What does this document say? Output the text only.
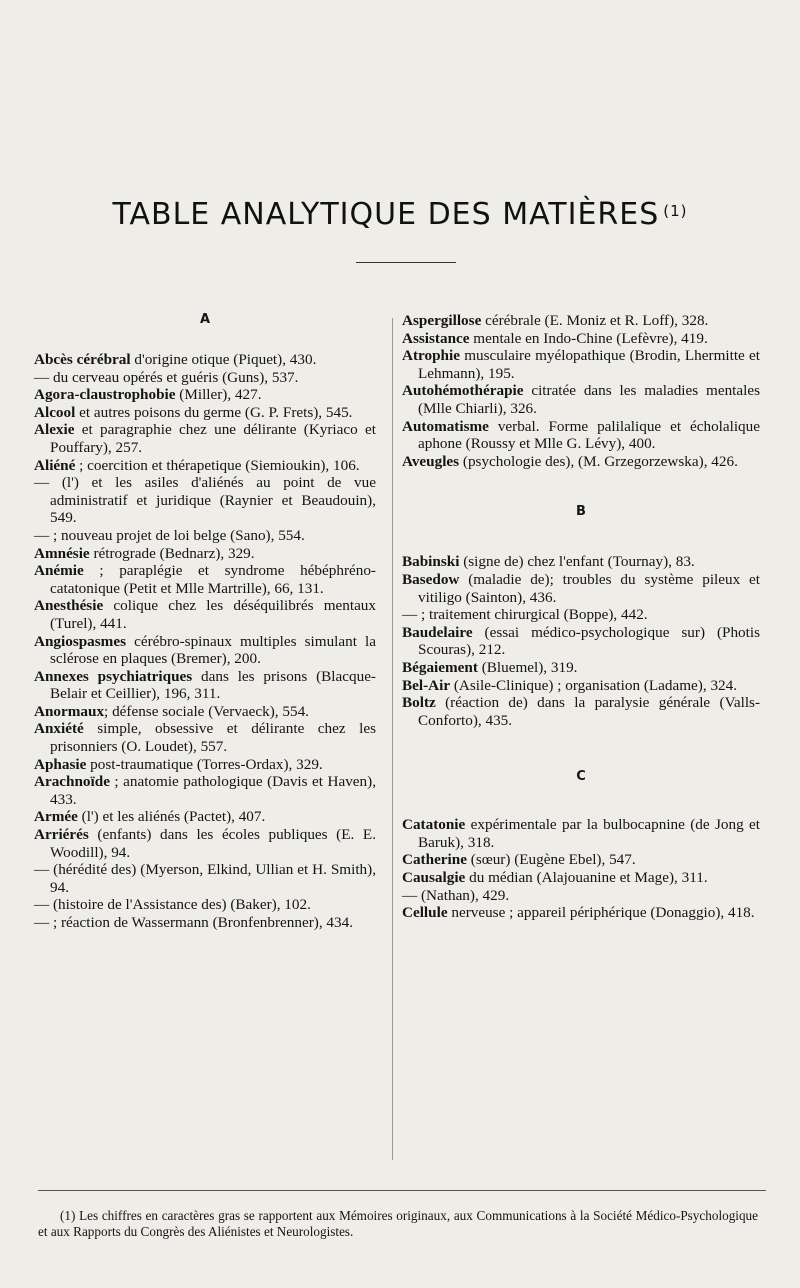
TABLE ANALYTIQUE DES MATIÈRES $^{(1)}$

A

Abcès cérébral d'origine otique (Piquet), 430.

— du cerveau opérés et guéris (Guns), 537.

Agora-claustrophobie (Miller), 427.

Alcool et autres poisons du germe (G. P. Frets), 545.

Alexie et paragraphie chez une délirante (Kyriaco et Pouffary), 257.

Aliéné ; coercition et thérapetique (Siemioukin), 106.

— (l') et les asiles d'aliénés au point de vue administratif et juridique (Raynier et Beaudouin), 549.

— ; nouveau projet de loi belge (Sano), 554.

Amnésie rétrograde (Bednarz), 329.

Anémie ; paraplégie et syndrome hébéphréno-catatonique (Petit et Mlle Martrille), 66, 131.

Anesthésie colique chez les déséquilibrés mentaux (Turel), 441.

Angiospasmes cérébro-spinaux multiples simulant la sclérose en plaques (Bremer), 200.

Annexes psychiatriques dans les prisons (Blacque-Belair et Ceillier), 196, 311.

Anormaux; défense sociale (Vervaeck), 554.

Anxiété simple, obsessive et délirante chez les prisonniers (O. Loudet), 557.

Aphasie post-traumatique (Torres-Ordax), 329.

Arachnoïde ; anatomie pathologique (Davis et Haven), 433.

Armée (l') et les aliénés (Pactet), 407.

Arriérés (enfants) dans les écoles publiques (E. E. Woodill), 94.

— (hérédité des) (Myerson, Elkind, Ullian et H. Smith), 94.

— (histoire de l'Assistance des) (Baker), 102.

— ; réaction de Wassermann (Bronfenbrenner), 434.

Aspergillose cérébrale (E. Moniz et R. Loff), 328.

Assistance mentale en Indo-Chine (Lefèvre), 419.

Atrophie musculaire myélopathique (Brodin, Lhermitte et Lehmann), 195.

Autohémothérapie citratée dans les maladies mentales (Mlle Chiarli), 326.

Automatisme verbal. Forme palilalique et écholalique aphone (Roussy et Mlle G. Lévy), 400.

Aveugles (psychologie des), (M. Grzegorzewska), 426.

B

Babinski (signe de) chez l'enfant (Tournay), 83.

Basedow (maladie de); troubles du système pileux et vitiligo (Sainton), 436.

— ; traitement chirurgical (Boppe), 442.

Baudelaire (essai médico-psychologique sur) (Photis Scouras), 212.

Bégaiement (Bluemel), 319.

Bel-Air (Asile-Clinique) ; organisation (Ladame), 324.

Boltz (réaction de) dans la paralysie générale (Valls-Conforto), 435.

C

Catatonie expérimentale par la bulbocapnine (de Jong et Baruk), 318.

Catherine (sœur) (Eugène Ebel), 547.

Causalgie du médian (Alajouanine et Mage), 311.

— (Nathan), 429.

Cellule nerveuse ; appareil périphérique (Donaggio), 418.

(1) Les chiffres en caractères gras se rapportent aux Mémoires originaux, aux Communications à la Société Médico-Psychologique et aux Rapports du Congrès des Aliénistes et Neurologistes.
